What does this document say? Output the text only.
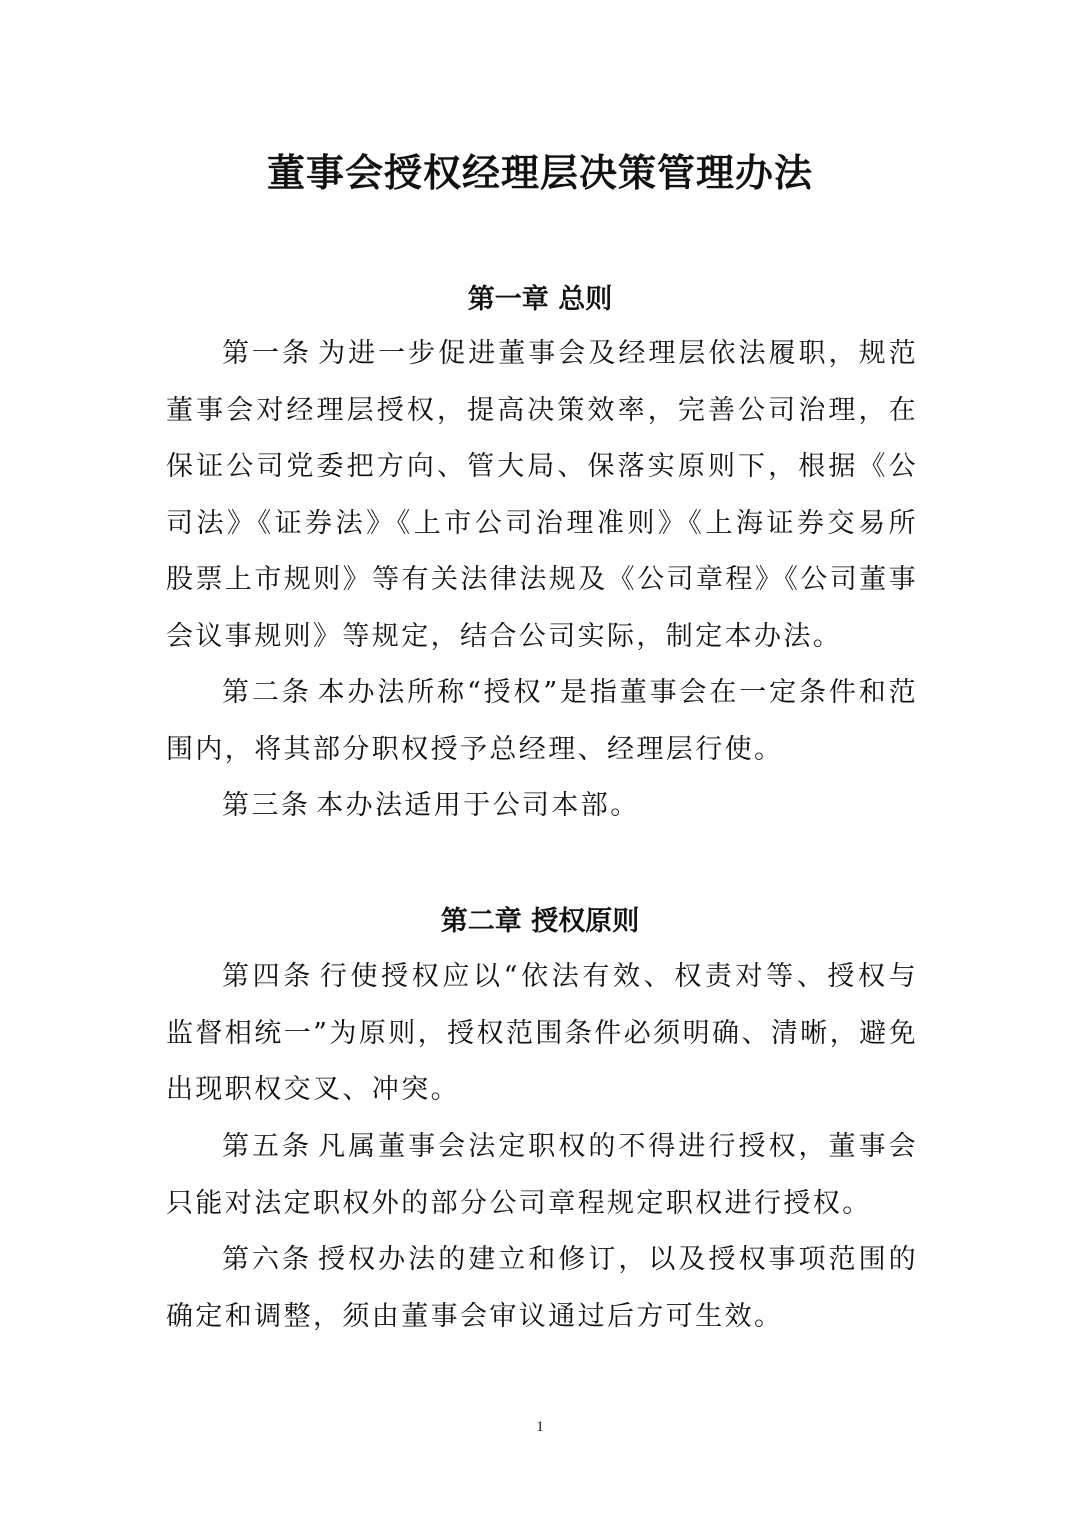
董事会授权经理层决策管理办法
第一章 总则

第一条 为进一步促进董事会及经理层依法履职，规范董事会对经理层授权，提高决策效率，完善公司治理，在保证公司党委把方向、管大局、保落实原则下，根据《公司法》《证券法》《上市公司治理准则》《上海证券交易所股票上市规则》等有关法律法规及《公司章程》《公司董事会议事规则》等规定，结合公司实际，制定本办法。

第二条 本办法所称“授权”是指董事会在一定条件和范围内，将其部分职权授予总经理、经理层行使。

第三条 本办法适用于公司本部。

第二章 授权原则

第四条 行使授权应以“依法有效、权责对等、授权与监督相统一”为原则，授权范围条件必须明确、清晰，避免出现职权交叉、冲突。

第五条 凡属董事会法定职权的不得进行授权，董事会只能对法定职权外的部分公司章程规定职权进行授权。

第六条 授权办法的建立和修订，以及授权事项范围的确定和调整，须由董事会审议通过后方可生效。

1
